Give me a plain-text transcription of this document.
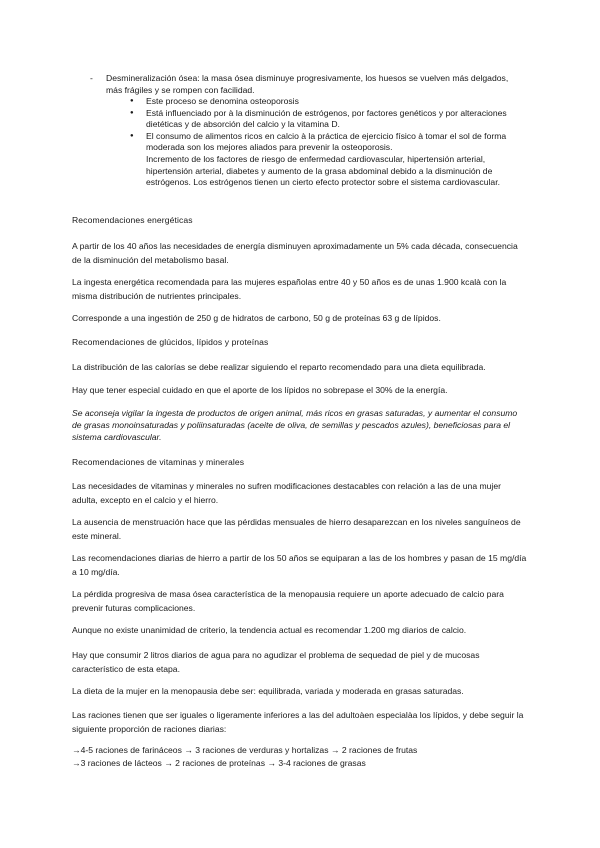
- Desmineralización ósea: la masa ósea disminuye progresivamente, los huesos se vuelven más delgados, más frágiles y se rompen con facilidad.
● Este proceso se denomina osteoporosis
● Está influenciado por à la disminución de estrógenos, por factores genéticos y por alteraciones dietéticas y de absorción del calcio y la vitamina D.
● El consumo de alimentos ricos en calcio à la práctica de ejercicio físico à tomar el sol de forma moderada son los mejores aliados para prevenir la osteoporosis.
Incremento de los factores de riesgo de enfermedad cardiovascular, hipertensión arterial, hipertensión arterial, diabetes y aumento de la grasa abdominal debido a la disminución de estrógenos. Los estrógenos tienen un cierto efecto protector sobre el sistema cardiovascular.

Recomendaciones energéticas

A partir de los 40 años las necesidades de energía disminuyen aproximadamente un 5% cada década, consecuencia de la disminución del metabolismo basal.

La ingesta energética recomendada para las mujeres españolas entre 40 y 50 años es de unas 1.900 kcalà con la misma distribución de nutrientes principales.

Corresponde a una ingestión de 250 g de hidratos de carbono, 50 g de proteínas 63 g de lípidos.

Recomendaciones de glúcidos, lípidos y proteínas

La distribución de las calorías se debe realizar siguiendo el reparto recomendado para una dieta equilibrada.

Hay que tener especial cuidado en que el aporte de los lípidos no sobrepase el 30% de la energía.

Se aconseja vigilar la ingesta de productos de origen animal, más ricos en grasas saturadas, y aumentar el consumo de grasas monoinsaturadas y poliinsaturadas (aceite de oliva, de semillas y pescados azules), beneficiosas para el sistema cardiovascular.

Recomendaciones de vitaminas y minerales

Las necesidades de vitaminas y minerales no sufren modificaciones destacables con relación a las de una mujer adulta, excepto en el calcio y el hierro.

La ausencia de menstruación hace que las pérdidas mensuales de hierro desaparezcan en los niveles sanguíneos de este mineral.

Las recomendaciones diarias de hierro a partir de los 50 años se equiparan a las de los hombres y pasan de 15 mg/día a 10 mg/día.

La pérdida progresiva de masa ósea característica de la menopausia requiere un aporte adecuado de calcio para prevenir futuras complicaciones.

Aunque no existe unanimidad de criterio, la tendencia actual es recomendar 1.200 mg diarios de calcio.

Hay que consumir 2 litros diarios de agua para no agudizar el problema de sequedad de piel y de mucosas característico de esta etapa.

La dieta de la mujer en la menopausia debe ser: equilibrada, variada y moderada en grasas saturadas.

Las raciones tienen que ser iguales o ligeramente inferiores a las del adultoàen especialàa los lípidos, y debe seguir la siguiente proporción de raciones diarias:

→4-5 raciones de farináceos → 3 raciones de verduras y hortalizas → 2 raciones de frutas

→3 raciones de lácteos → 2 raciones de proteínas → 3-4 raciones de grasas
